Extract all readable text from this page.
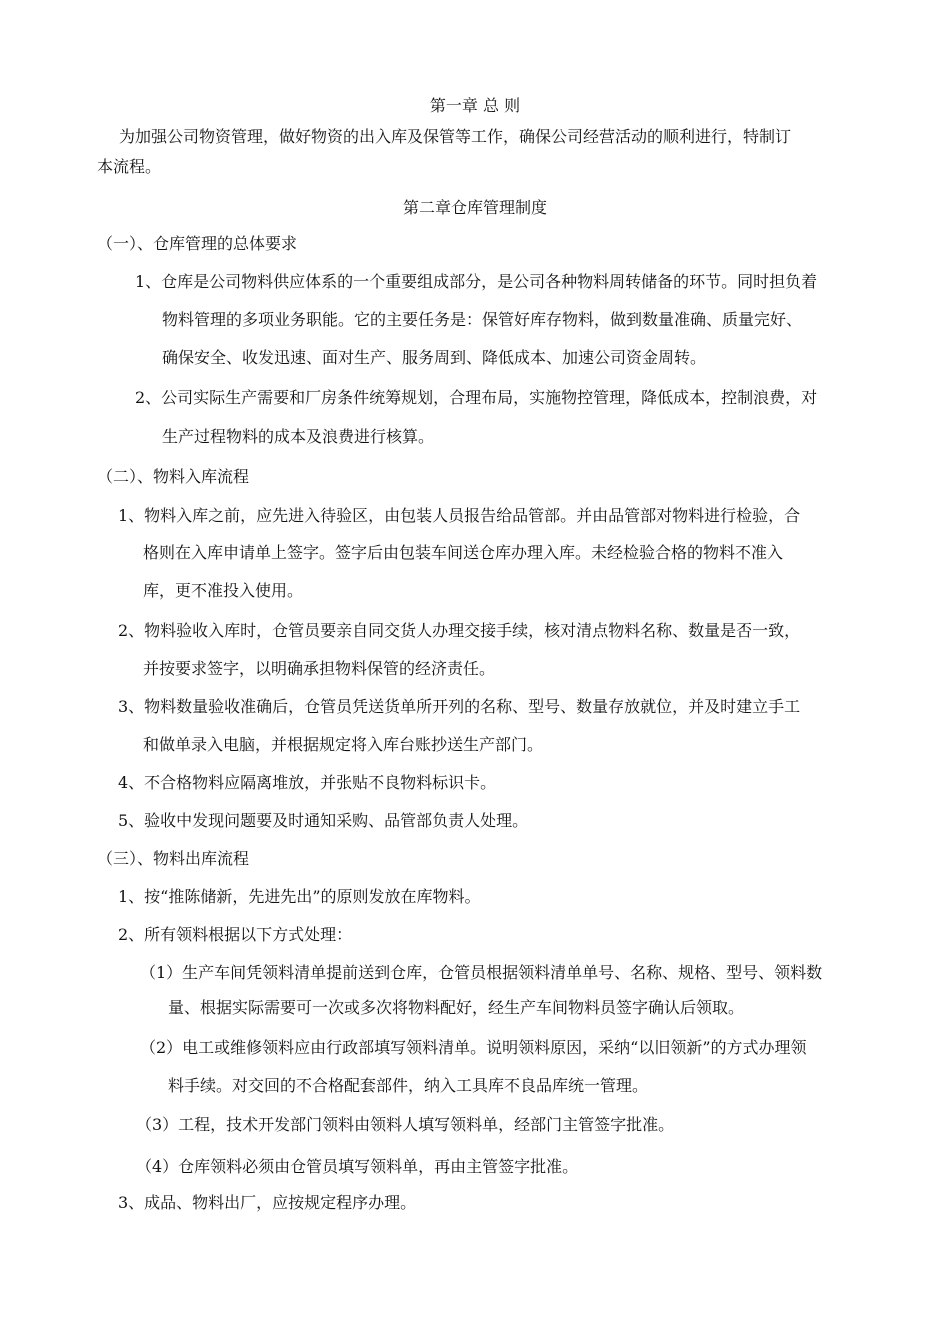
第一章 总 则

为加强公司物资管理，做好物资的出入库及保管等工作，确保公司经营活动的顺利进行，特制订

本流程。

第二章仓库管理制度

（一）、仓库管理的总体要求

1、仓库是公司物料供应体系的一个重要组成部分，是公司各种物料周转储备的环节。同时担负着

物料管理的多项业务职能。它的主要任务是：保管好库存物料，做到数量准确、质量完好、

确保安全、收发迅速、面对生产、服务周到、降低成本、加速公司资金周转。

2、公司实际生产需要和厂房条件统筹规划，合理布局，实施物控管理，降低成本，控制浪费，对

生产过程物料的成本及浪费进行核算。

（二）、物料入库流程

1、物料入库之前，应先进入待验区，由包装人员报告给品管部。并由品管部对物料进行检验，合

格则在入库申请单上签字。签字后由包装车间送仓库办理入库。未经检验合格的物料不准入

库，更不准投入使用。

2、物料验收入库时，仓管员要亲自同交货人办理交接手续，核对清点物料名称、数量是否一致，

并按要求签字，以明确承担物料保管的经济责任。

3、物料数量验收准确后，仓管员凭送货单所开列的名称、型号、数量存放就位，并及时建立手工

和做单录入电脑，并根据规定将入库台账抄送生产部门。

4、不合格物料应隔离堆放，并张贴不良物料标识卡。

5、验收中发现问题要及时通知采购、品管部负责人处理。

（三）、物料出库流程

1、按“推陈储新，先进先出”的原则发放在库物料。

2、所有领料根据以下方式处理：

（1）生产车间凭领料清单提前送到仓库，仓管员根据领料清单单号、名称、规格、型号、领料数

量、根据实际需要可一次或多次将物料配好，经生产车间物料员签字确认后领取。

（2）电工或维修领料应由行政部填写领料清单。说明领料原因，采纳“以旧领新”的方式办理领

料手续。对交回的不合格配套部件，纳入工具库不良品库统一管理。

（3）工程，技术开发部门领料由领料人填写领料单，经部门主管签字批准。

（4）仓库领料必须由仓管员填写领料单，再由主管签字批准。

3、成品、物料出厂，应按规定程序办理。
